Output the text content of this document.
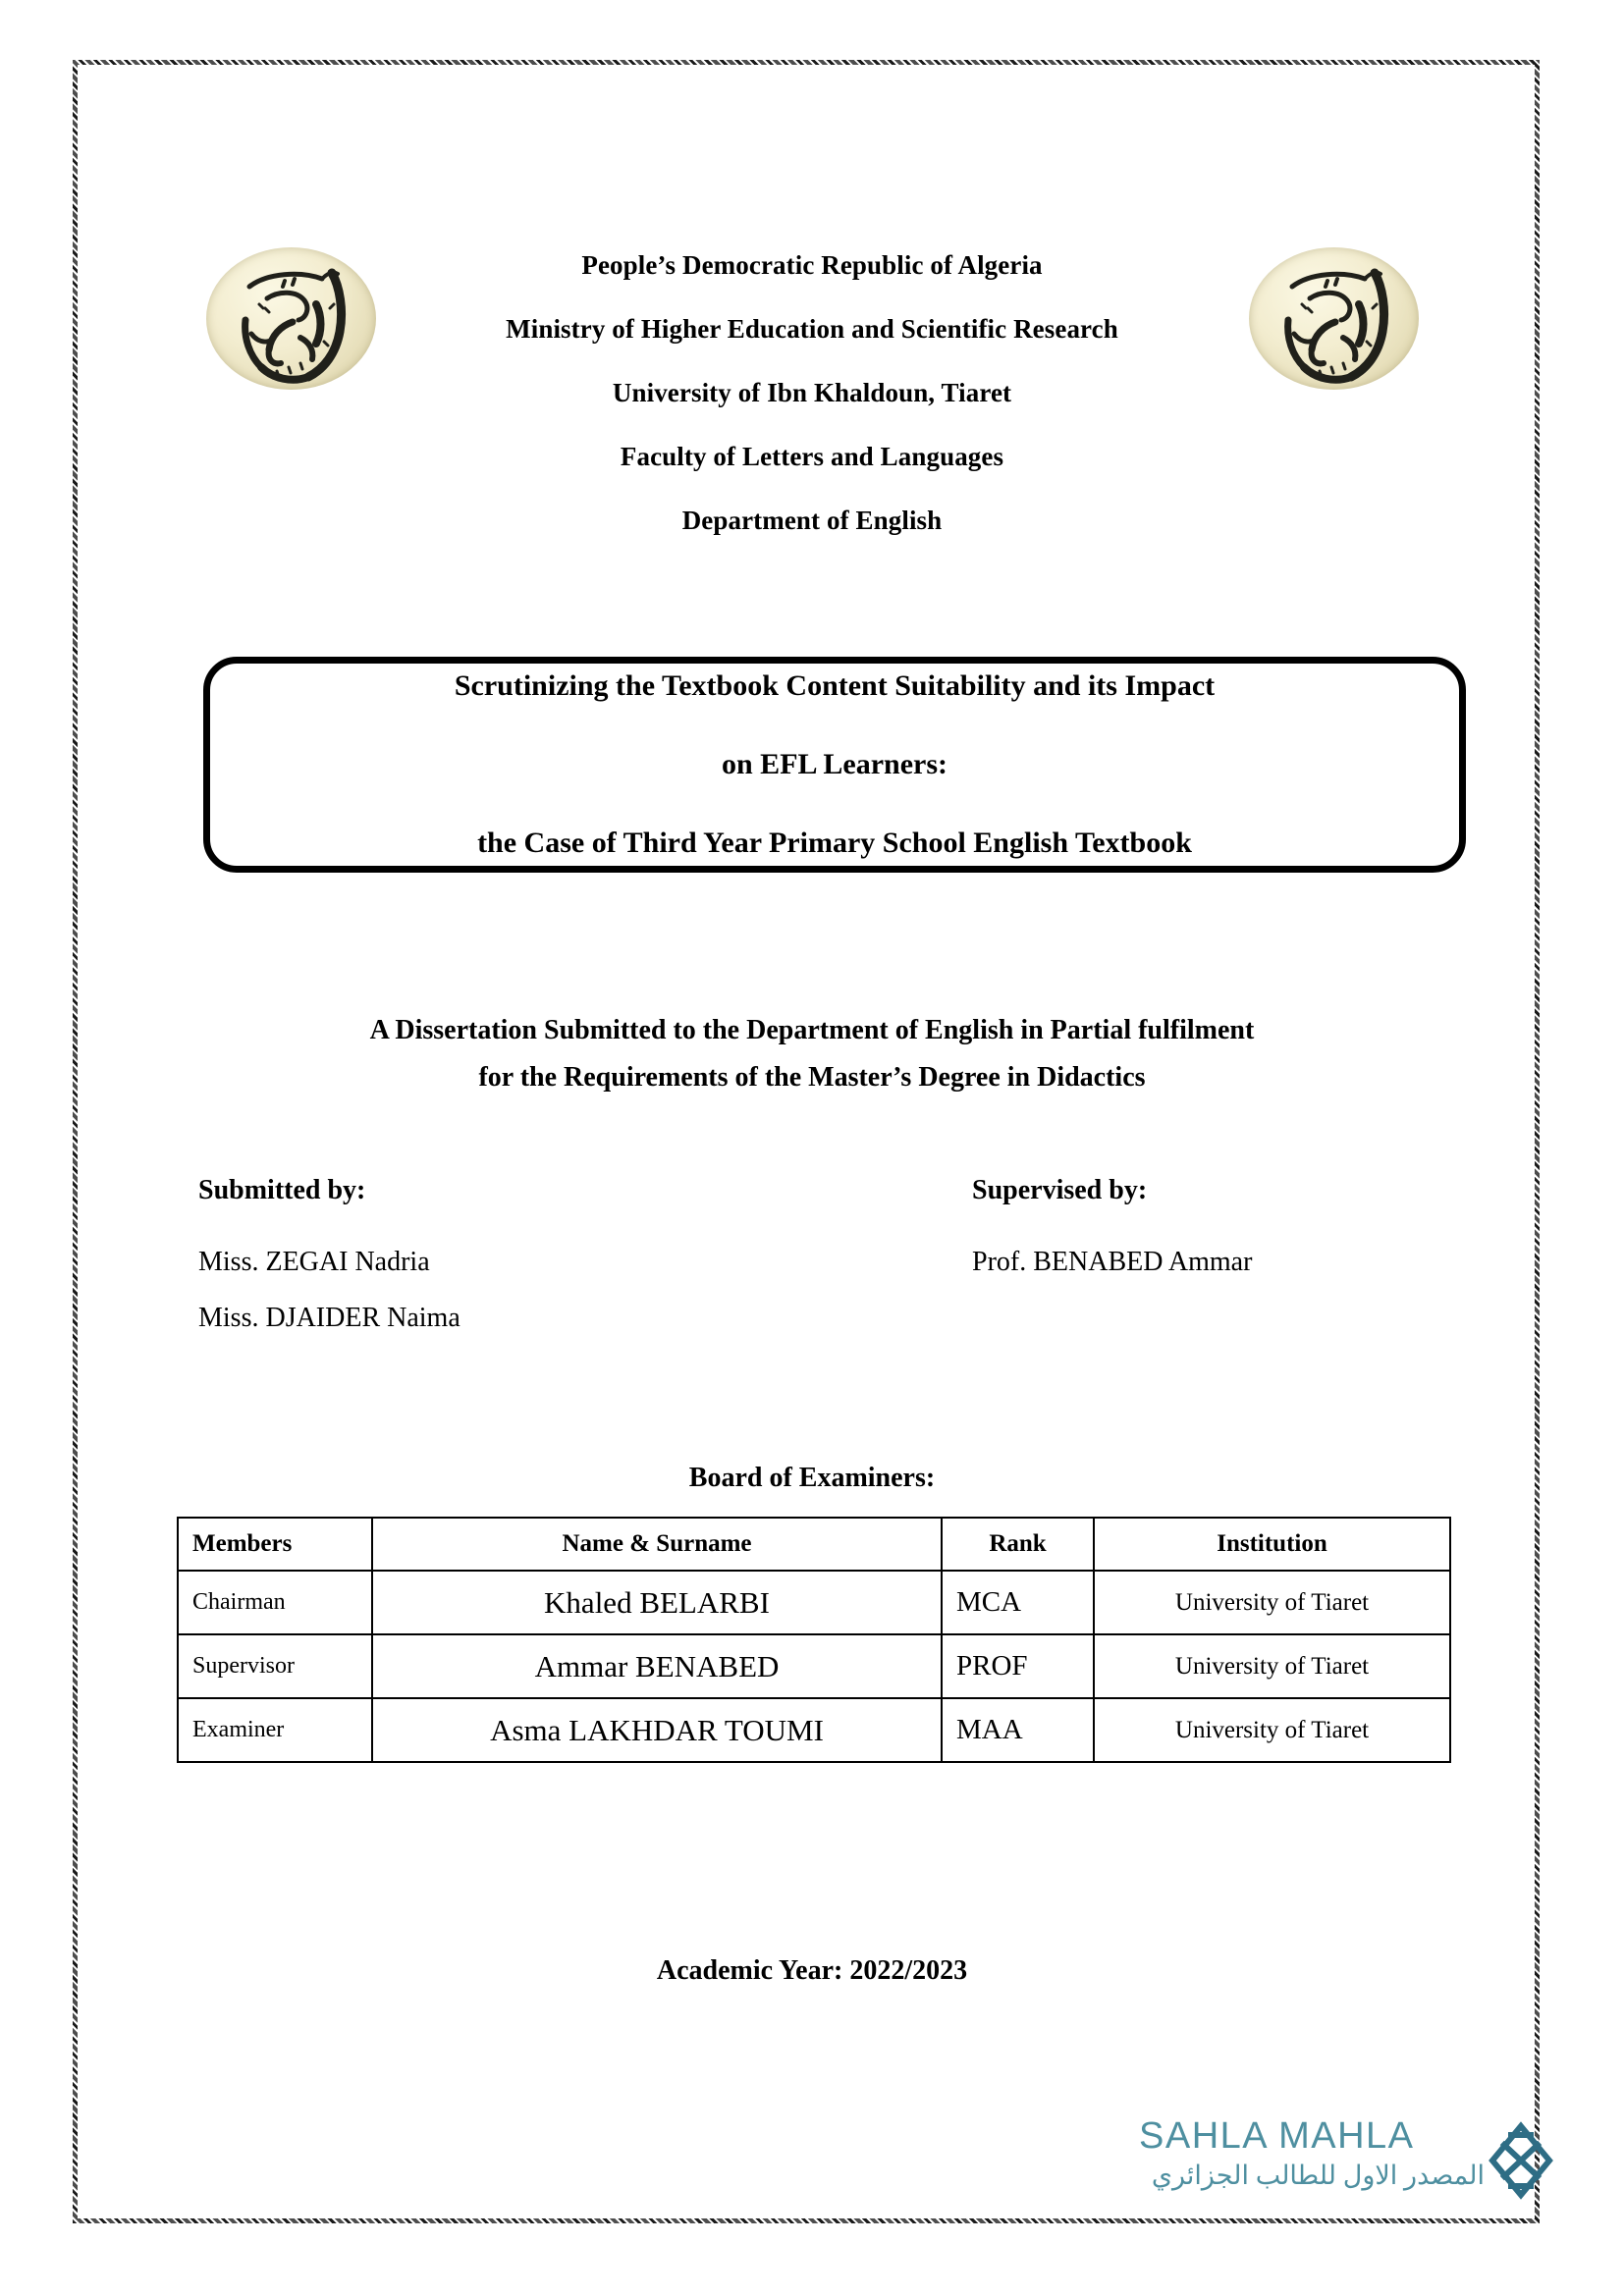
People’s Democratic Republic of Algeria
Ministry of Higher Education and Scientific Research
University of Ibn Khaldoun, Tiaret
Faculty of Letters and Languages
Department of English
Scrutinizing the Textbook Content Suitability and its Impact
on EFL Learners:
the Case of Third Year Primary School English Textbook
A Dissertation Submitted to the Department of English in Partial fulfilment
for the Requirements of the Master’s Degree in Didactics
Submitted by:
Miss. ZEGAI Nadria
Miss. DJAIDER Naima
Supervised by:
Prof. BENABED Ammar
Board of Examiners:
Members	Name & Surname	Rank	Institution
Chairman	Khaled BELARBI	MCA	University of Tiaret
Supervisor	Ammar BENABED	PROF	University of Tiaret
Examiner	Asma LAKHDAR TOUMI	MAA	University of Tiaret
Academic Year: 2022/2023
SAHLA MAHLA
المصدر الاول للطالب الجزائري
